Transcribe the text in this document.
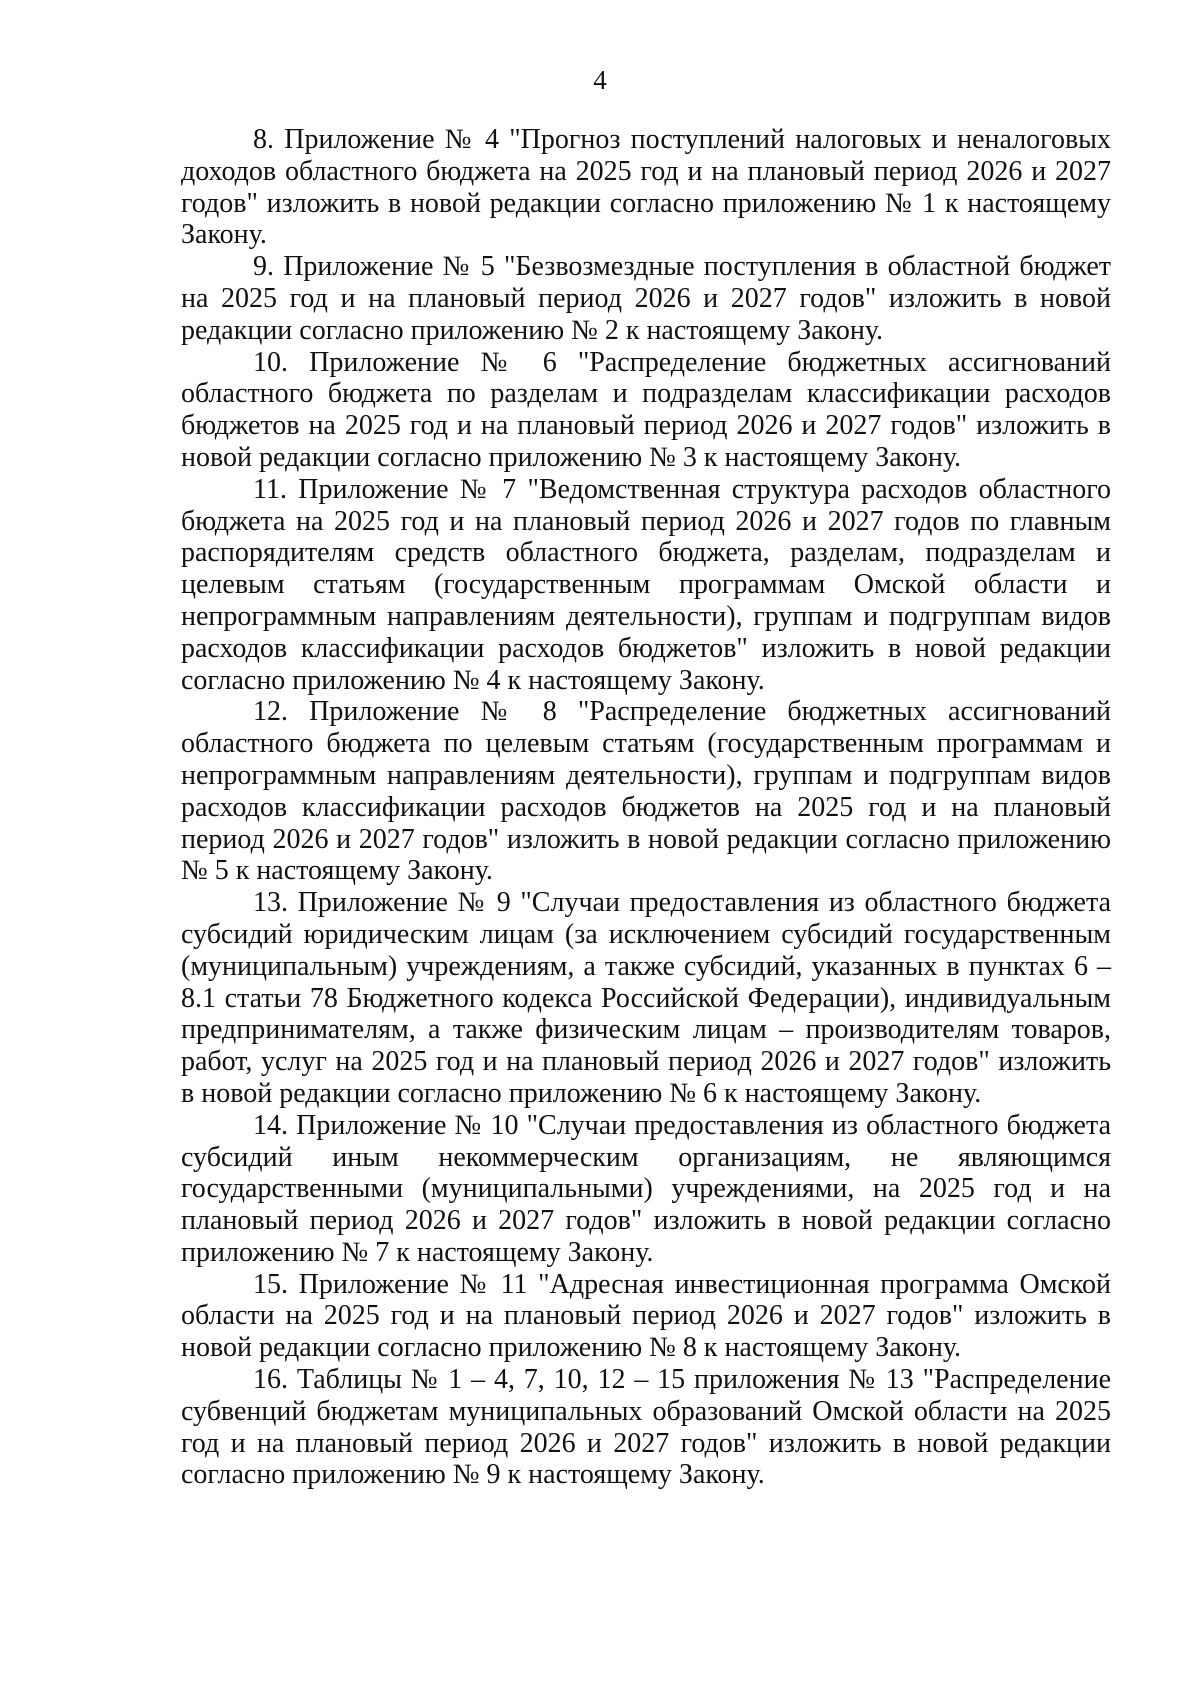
4

8. Приложение № 4 "Прогноз поступлений налоговых и неналоговых доходов областного бюджета на 2025 год и на плановый период 2026 и 2027 годов" изложить в новой редакции согласно приложению № 1 к настоящему Закону.

9. Приложение № 5 "Безвозмездные поступления в областной бюджет на 2025 год и на плановый период 2026 и 2027 годов" изложить в новой редакции согласно приложению № 2 к настоящему Закону.

10. Приложение № 6 "Распределение бюджетных ассигнований областного бюджета по разделам и подразделам классификации расходов бюджетов на 2025 год и на плановый период 2026 и 2027 годов" изложить в новой редакции согласно приложению № 3 к настоящему Закону.

11. Приложение № 7 "Ведомственная структура расходов областного бюджета на 2025 год и на плановый период 2026 и 2027 годов по главным распорядителям средств областного бюджета, разделам, подразделам и целевым статьям (государственным программам Омской области и непрограммным направлениям деятельности), группам и подгруппам видов расходов классификации расходов бюджетов" изложить в новой редакции согласно приложению № 4 к настоящему Закону.

12. Приложение № 8 "Распределение бюджетных ассигнований областного бюджета по целевым статьям (государственным программам и непрограммным направлениям деятельности), группам и подгруппам видов расходов классификации расходов бюджетов на 2025 год и на плановый период 2026 и 2027 годов" изложить в новой редакции согласно приложению № 5 к настоящему Закону.

13. Приложение № 9 "Случаи предоставления из областного бюджета субсидий юридическим лицам (за исключением субсидий государственным (муниципальным) учреждениям, а также субсидий, указанных в пунктах 6 – 8.1 статьи 78 Бюджетного кодекса Российской Федерации), индивидуальным предпринимателям, а также физическим лицам – производителям товаров, работ, услуг на 2025 год и на плановый период 2026 и 2027 годов" изложить в новой редакции согласно приложению № 6 к настоящему Закону.

14. Приложение № 10 "Случаи предоставления из областного бюджета субсидий иным некоммерческим организациям, не являющимся государственными (муниципальными) учреждениями, на 2025 год и на плановый период 2026 и 2027 годов" изложить в новой редакции согласно приложению № 7 к настоящему Закону.

15. Приложение № 11 "Адресная инвестиционная программа Омской области на 2025 год и на плановый период 2026 и 2027 годов" изложить в новой редакции согласно приложению № 8 к настоящему Закону.

16. Таблицы № 1 – 4, 7, 10, 12 – 15 приложения № 13 "Распределение субвенций бюджетам муниципальных образований Омской области на 2025 год и на плановый период 2026 и 2027 годов" изложить в новой редакции согласно приложению № 9 к настоящему Закону.
